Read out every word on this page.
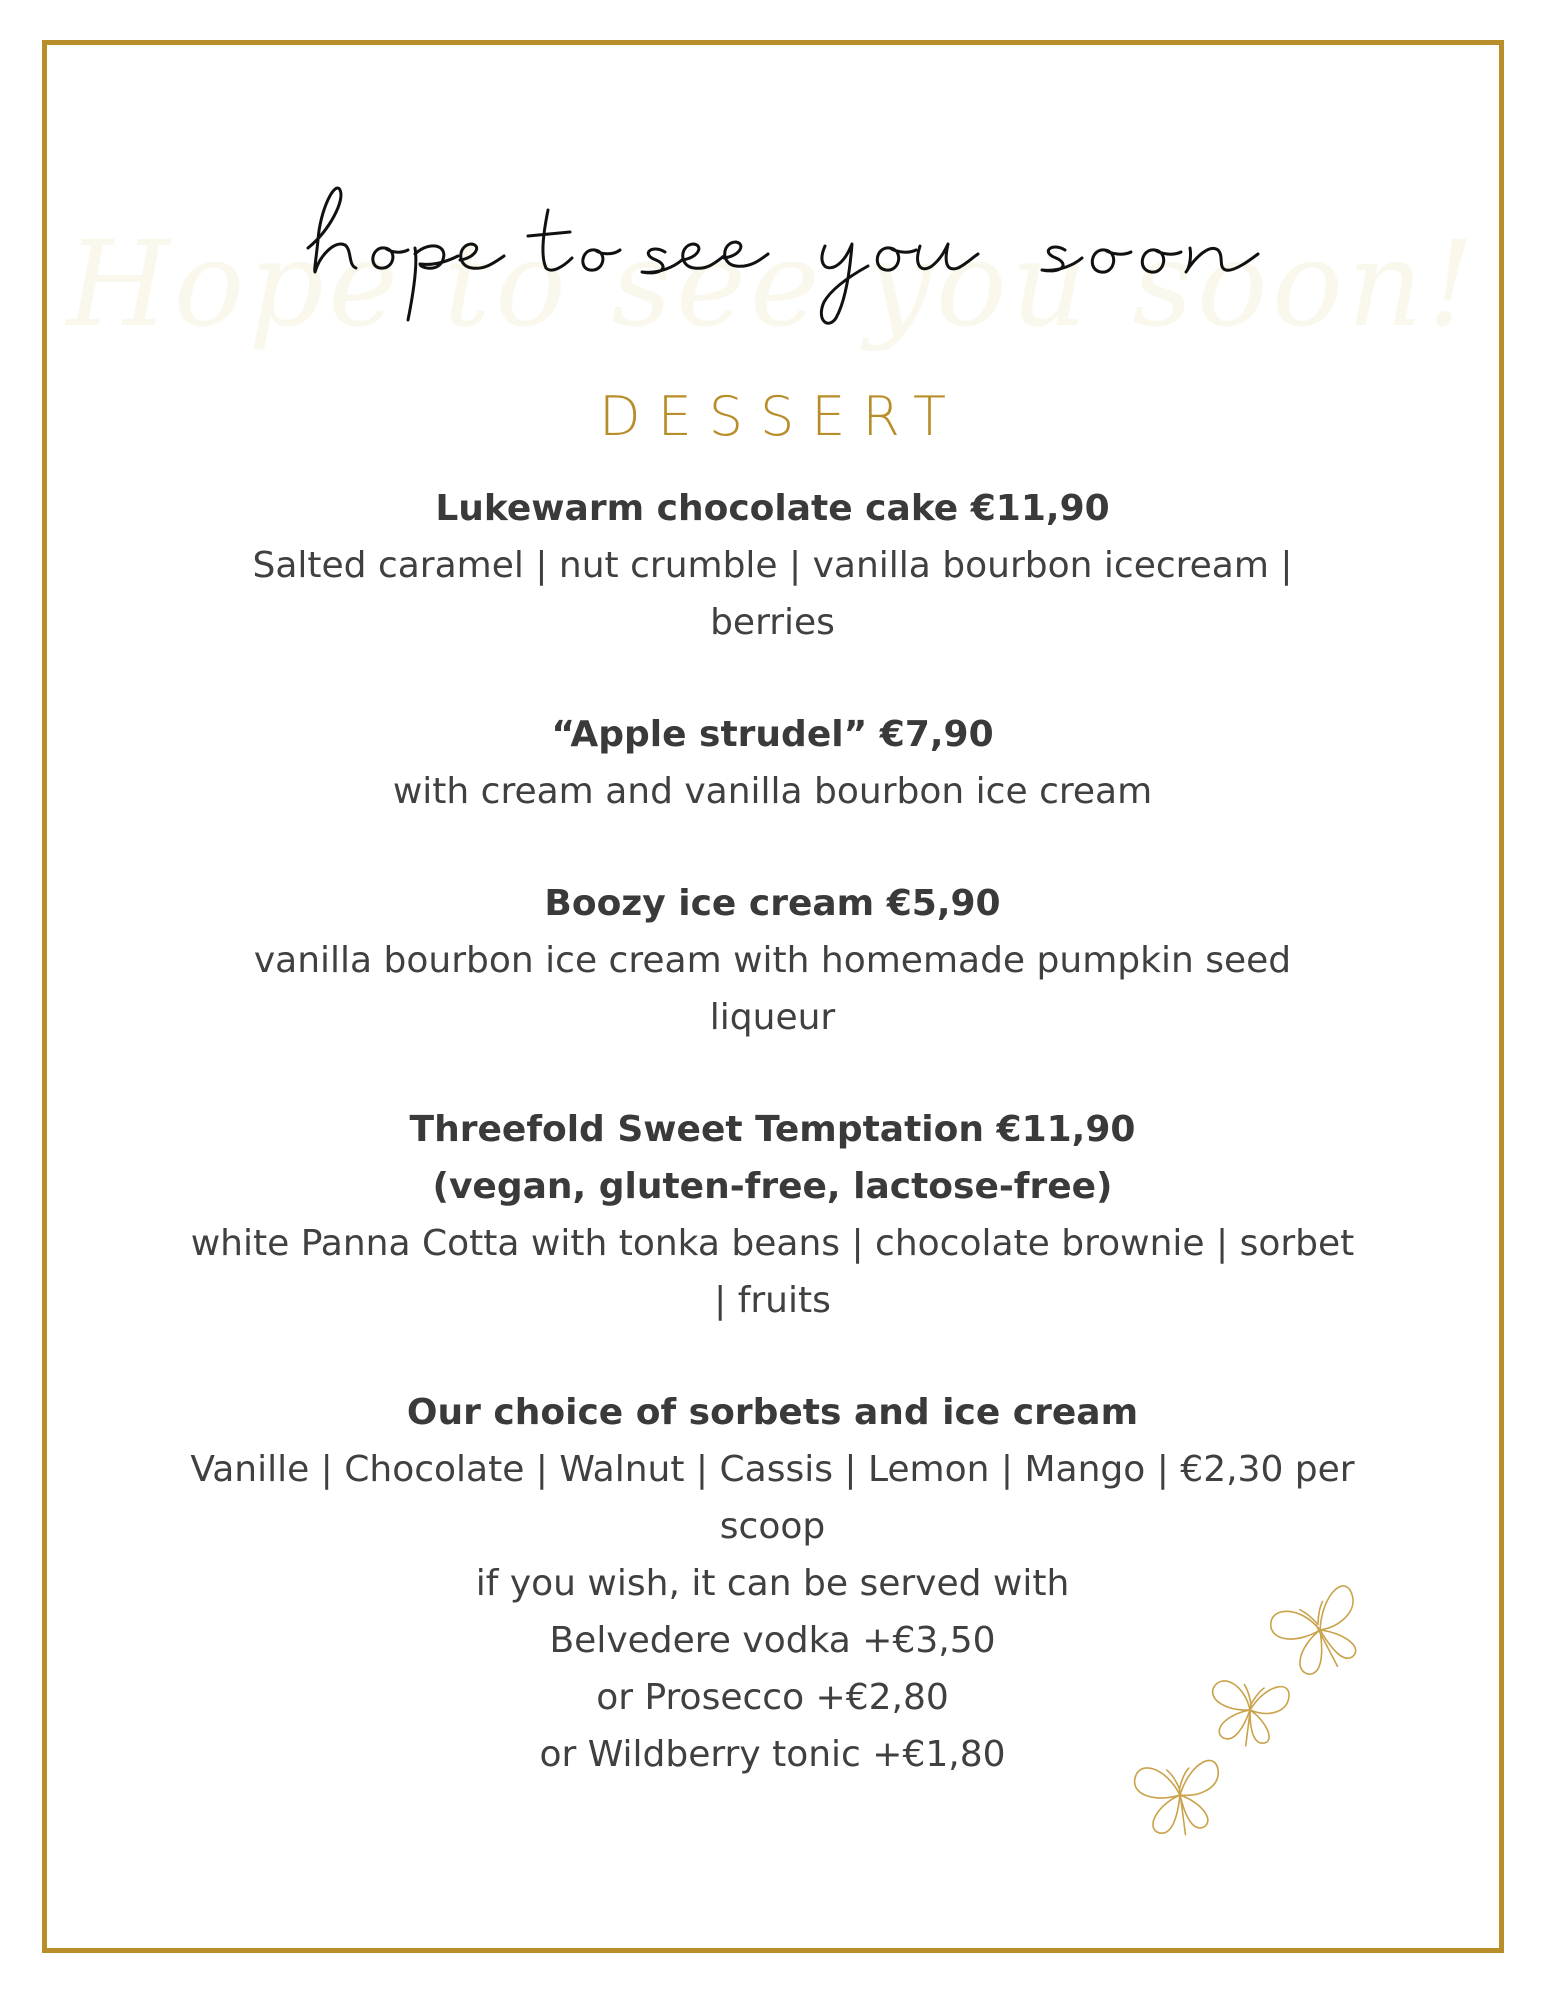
Hope to see you soon!
DESSERT

Lukewarm chocolate cake €11,90

Salted caramel | nut crumble | vanilla bourbon icecream | berries

“Apple strudel” €7,90

with cream and vanilla bourbon ice cream

Boozy ice cream €5,90

vanilla bourbon ice cream with homemade pumpkin seed liqueur

Threefold Sweet Temptation €11,90

(vegan, gluten-free, lactose-free)

white Panna Cotta with tonka beans | chocolate brownie | sorbet | fruits

Our choice of sorbets and ice cream

Vanille | Chocolate | Walnut | Cassis | Lemon | Mango | €2,30 per scoop

if you wish, it can be served with

Belvedere vodka +€3,50

or Prosecco +€2,80

or Wildberry tonic +€1,80
